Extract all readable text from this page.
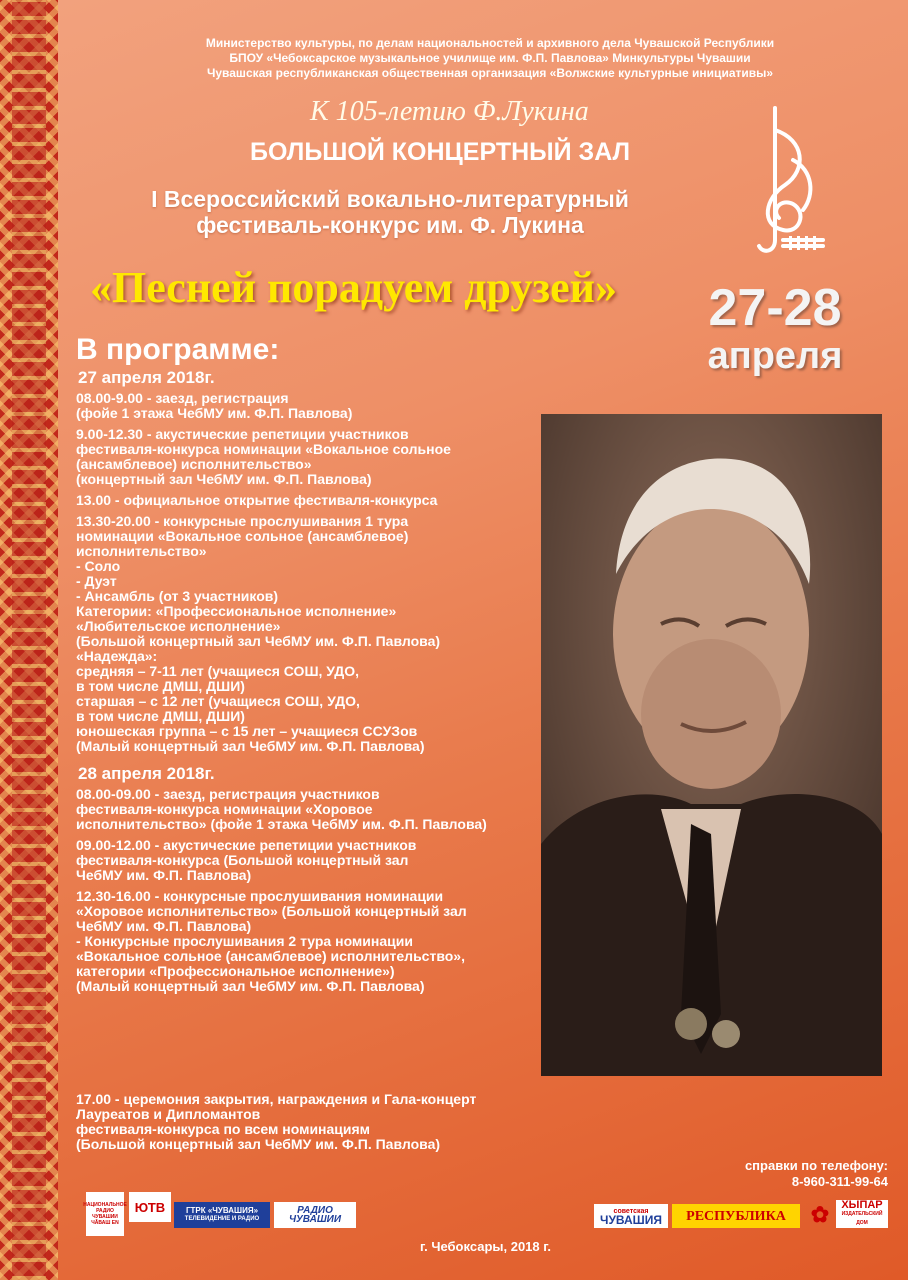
Министерство культуры, по делам национальностей и архивного дела Чувашской Республики
БПОУ «Чебоксарское музыкальное училище им. Ф.П. Павлова» Минкультуры Чувашии
Чувашская республиканская общественная организация «Волжские культурные инициативы»
К 105-летию Ф.Лукина
БОЛЬШОЙ КОНЦЕРТНЫЙ ЗАЛ
I Всероссийский вокально-литературный
фестиваль-конкурс им. Ф. Лукина
«Песней порадуем друзей»	27-28
апреля
В программе:
27 апреля 2018г.

08.00-9.00 - заезд, регистрация

(фойе 1 этажа ЧебМУ им. Ф.П. Павлова)

9.00-12.30 - акустические репетиции участников

фестиваля-конкурса номинации «Вокальное сольное

(ансамблевое) исполнительство»

(концертный зал ЧебМУ им. Ф.П. Павлова)

13.00 - официальное открытие фестиваля-конкурса

13.30-20.00 - конкурсные прослушивания 1 тура

номинации «Вокальное сольное (ансамблевое)

исполнительство»

- Соло

- Дуэт

- Ансамбль (от 3 участников)

Категории: «Профессиональное исполнение»

«Любительское исполнение»

(Большой концертный зал ЧебМУ им. Ф.П. Павлова)

«Надежда»:

средняя – 7-11 лет (учащиеся СОШ, УДО,

в том числе ДМШ, ДШИ)

старшая – с 12 лет (учащиеся СОШ, УДО,

в том числе ДМШ, ДШИ)

юношеская группа – с 15 лет – учащиеся ССУЗов

(Малый концертный зал ЧебМУ им. Ф.П. Павлова)

28 апреля 2018г.

08.00-09.00 - заезд, регистрация участников

фестиваля-конкурса номинации «Хоровое

исполнительство» (фойе 1 этажа ЧебМУ им. Ф.П. Павлова)

09.00-12.00 - акустические репетиции участников

фестиваля-конкурса (Большой концертный зал

ЧебМУ им. Ф.П. Павлова)

12.30-16.00 - конкурсные прослушивания номинации

«Хоровое исполнительство» (Большой концертный зал

ЧебМУ им. Ф.П. Павлова)

- Конкурсные прослушивания 2 тура номинации

«Вокальное сольное (ансамблевое) исполнительство»,

категории «Профессиональное исполнение»)

(Малый концертный зал ЧебМУ им. Ф.П. Павлова)

17.00 - церемония закрытия, награждения и Гала-концерт

Лауреатов и Дипломантов

фестиваля-конкурса по всем номинациям

(Большой концертный зал ЧебМУ им. Ф.П. Павлова)

справки по телефону:
8-960-311-99-64
НАЦИОНАЛЬНОЕ РАДИО ЧУВАШИИ ЧĂВАШ EN
ЮТВ	ГТРК «ЧУВАШИЯ»
ТЕЛЕВИДЕНИЕ И РАДИО
РАДИО ЧУВАШИИ
советская
ЧУВАШИЯ	РЕСПУБЛИКА	✿	ХЫПАР
ИЗДАТЕЛЬСКИЙ ДОМ
г. Чебоксары, 2018 г.
